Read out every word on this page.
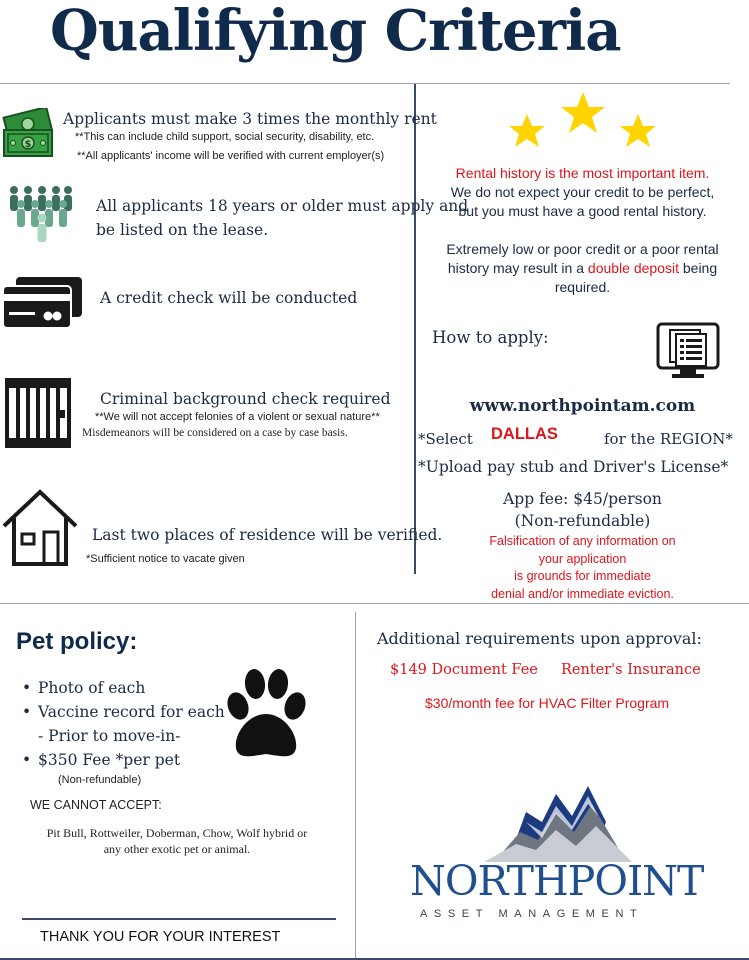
Qualifying Criteria
$
Applicants must make 3 times the monthly rent
**This can include child support, social security, disability, etc.
**All applicants' income will be verified with current employer(s)
All applicants 18 years or older must apply and
be listed on the lease.
A credit check will be conducted
Criminal background check required
**We will not accept felonies of a violent or sexual nature**
Misdemeanors will be considered on a case by case basis.
Last two places of residence will be verified.
*Sufficient notice to vacate given
Rental history is the most important item.
We do not expect your credit to be perfect,
but you must have a good rental history.
Extremely low or poor credit or a poor rental
history may result in a double deposit being
required.
How to apply:
www.northpointam.com
*Select DALLAS	for the REGION*
*Upload pay stub and Driver's License*
App fee: $45/person
(Non-refundable)
Falsification of any information on
your application
is grounds for immediate
denial and/or immediate eviction.
Pet policy:
• Photo of each
• Vaccine record for each
- Prior to move-in-
• $350 Fee *per pet
(Non-refundable)
WE CANNOT ACCEPT:
Pit Bull, Rottweiler, Doberman, Chow, Wolf hybrid or
any other exotic pet or animal.
THANK YOU FOR YOUR INTEREST
Additional requirements upon approval:
$149 Document Fee Renter's Insurance
$30/month fee for HVAC Filter Program
NORTHPOINT
ASSET MANAGEMENT
